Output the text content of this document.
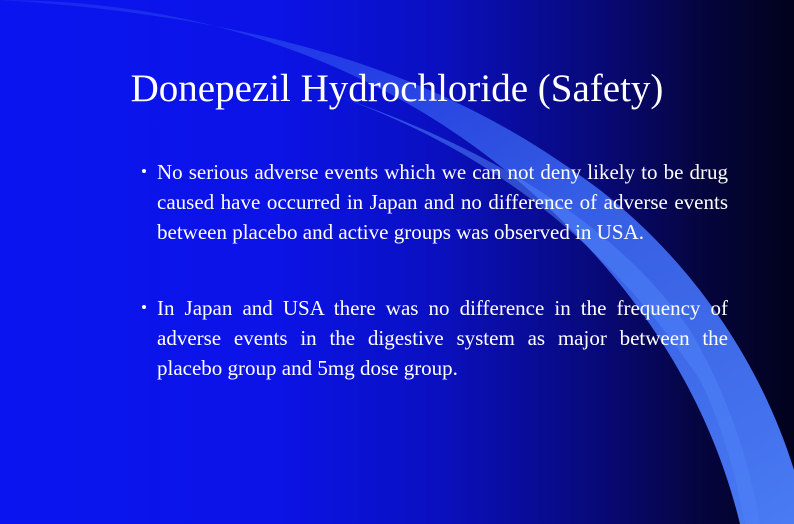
Donepezil Hydrochloride (Safety)
No serious adverse events which we can not deny likely to be drug caused have occurred in Japan and no difference of adverse events between placebo and active groups was observed in USA.
In Japan and USA there was no difference in the frequency of adverse events in the digestive system as major between the placebo group and 5mg dose group.
